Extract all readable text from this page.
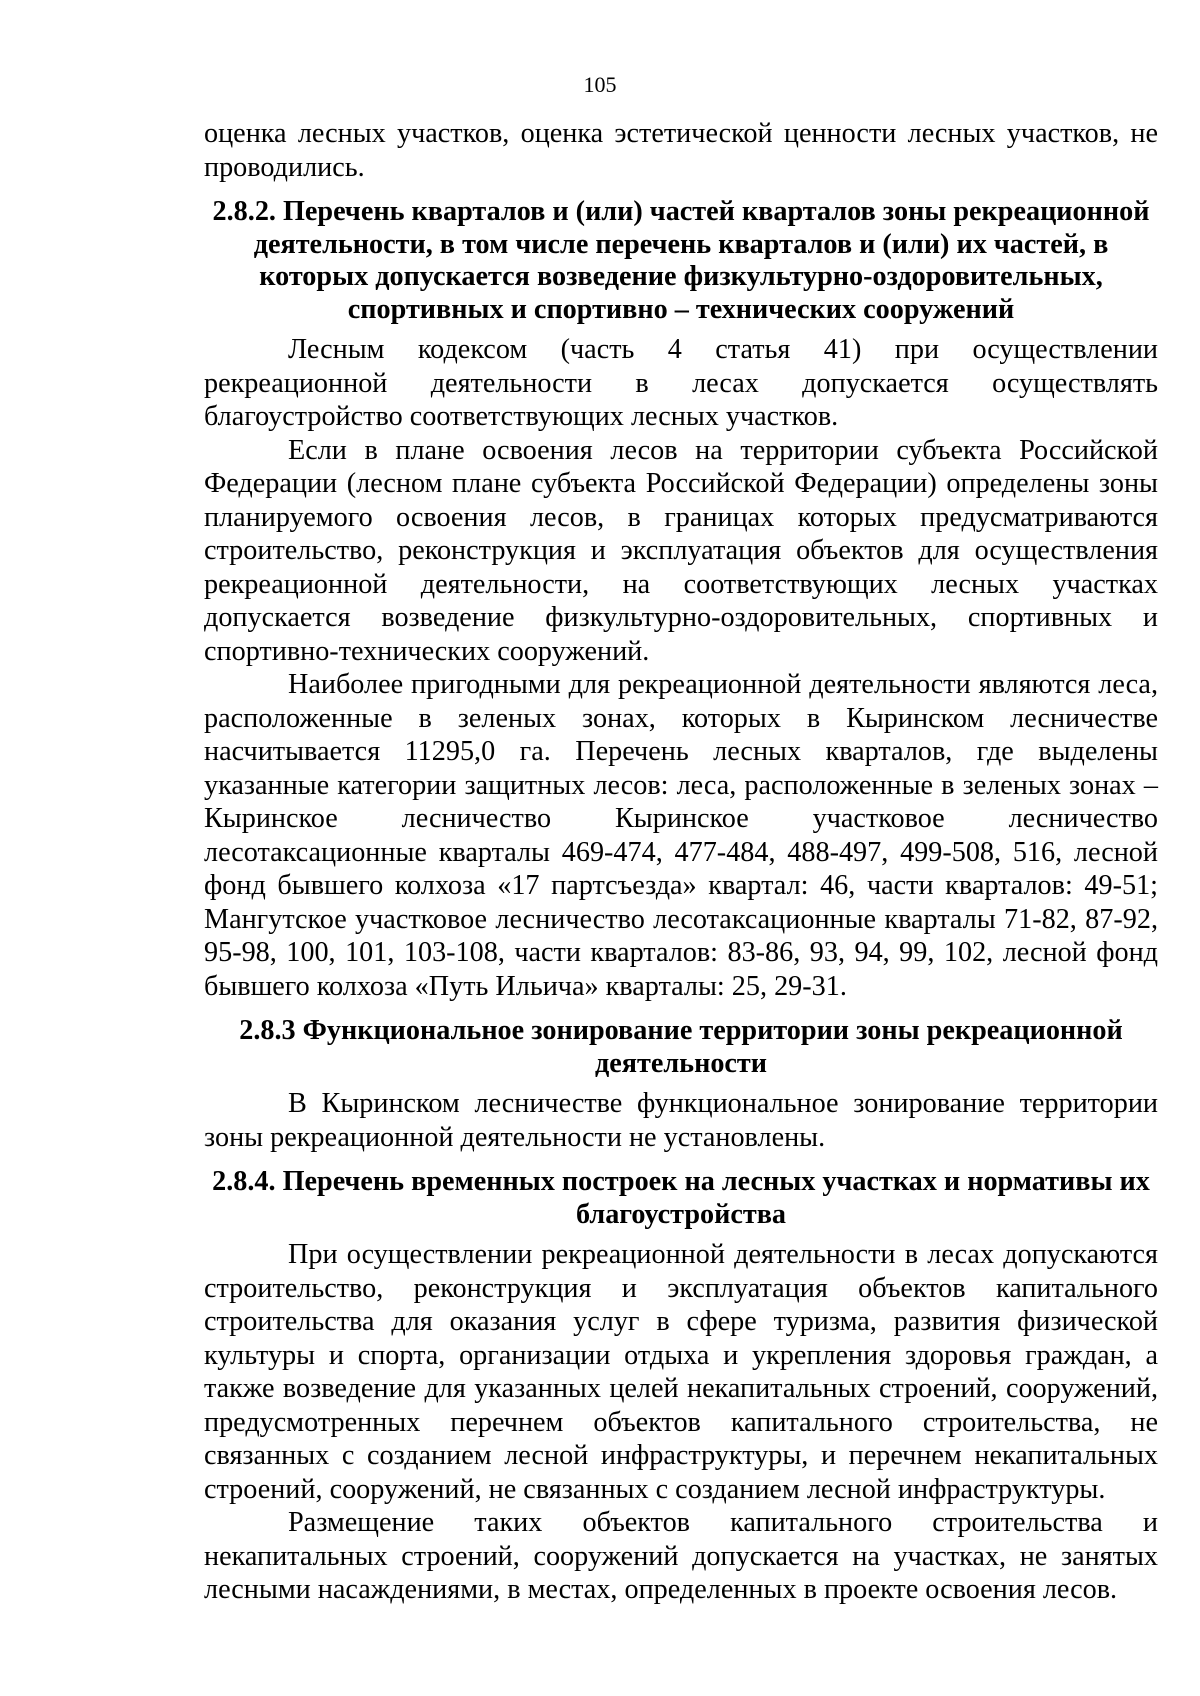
105

оценка лесных участков, оценка эстетической ценности лесных участков, не проводились.

2.8.2. Перечень кварталов и (или) частей кварталов зоны рекреационной деятельности, в том числе перечень кварталов и (или) их частей, в которых допускается возведение физкультурно-оздоровительных, спортивных и спортивно – технических сооружений

Лесным кодексом (часть 4 статья 41) при осуществлении рекреационной деятельности в лесах допускается осуществлять благоустройство соответствующих лесных участков.

Если в плане освоения лесов на территории субъекта Российской Федерации (лесном плане субъекта Российской Федерации) определены зоны планируемого освоения лесов, в границах которых предусматриваются строительство, реконструкция и эксплуатация объектов для осуществления рекреационной деятельности, на соответствующих лесных участках допускается возведение физкультурно-оздоровительных, спортивных и спортивно-технических сооружений.

Наиболее пригодными для рекреационной деятельности являются леса, расположенные в зеленых зонах, которых в Кыринском лесничестве насчитывается 11295,0 га. Перечень лесных кварталов, где выделены указанные категории защитных лесов: леса, расположенные в зеленых зонах – Кыринское лесничество Кыринское участковое лесничество лесотаксационные кварталы 469-474, 477-484, 488-497, 499-508, 516, лесной фонд бывшего колхоза «17 партсъезда» квартал: 46, части кварталов: 49-51; Мангутское участковое лесничество лесотаксационные кварталы 71-82, 87-92, 95-98, 100, 101, 103-108, части кварталов: 83-86, 93, 94, 99, 102, лесной фонд бывшего колхоза «Путь Ильича» кварталы: 25, 29-31.

2.8.3 Функциональное зонирование территории зоны рекреационной деятельности

В Кыринском лесничестве функциональное зонирование территории зоны рекреационной деятельности не установлены.

2.8.4. Перечень временных построек на лесных участках и нормативы их благоустройства

При осуществлении рекреационной деятельности в лесах допускаются строительство, реконструкция и эксплуатация объектов капитального строительства для оказания услуг в сфере туризма, развития физической культуры и спорта, организации отдыха и укрепления здоровья граждан, а также возведение для указанных целей некапитальных строений, сооружений, предусмотренных перечнем объектов капитального строительства, не связанных с созданием лесной инфраструктуры, и перечнем некапитальных строений, сооружений, не связанных с созданием лесной инфраструктуры.

Размещение таких объектов капитального строительства и некапитальных строений, сооружений допускается на участках, не занятых лесными насаждениями, в местах, определенных в проекте освоения лесов.
